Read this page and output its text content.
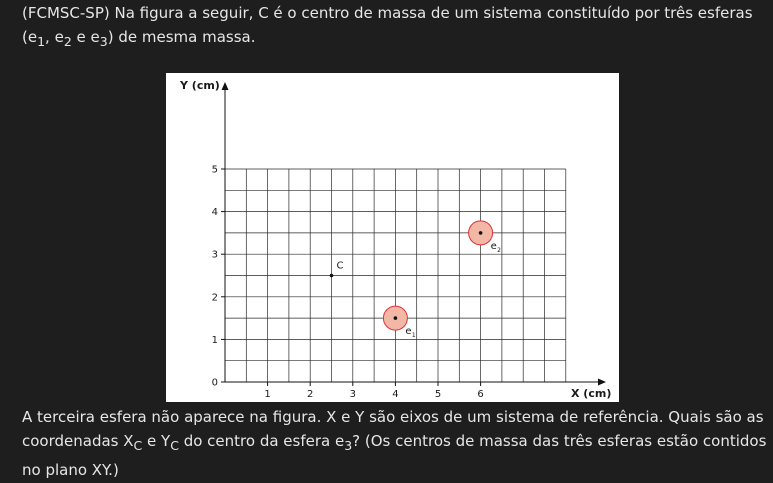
(FCMSC-SP) Na figura a seguir, C é o centro de massa de um sistema constituído por três esferas ($e_1$, $e_2$ e $e_3$) de mesma massa.

1	2	3	4	5	6
0
1
2
3
4
5
C
e 1
e 2
Y (cm)
X (cm)

A terceira esfera não aparece na figura. X e Y são eixos de um sistema de referência. Quais são as coordenadas $X_C$ e $Y_C$ do centro da esfera $e_3$? (Os centros de massa das três esferas estão contidos no plano XY.)
